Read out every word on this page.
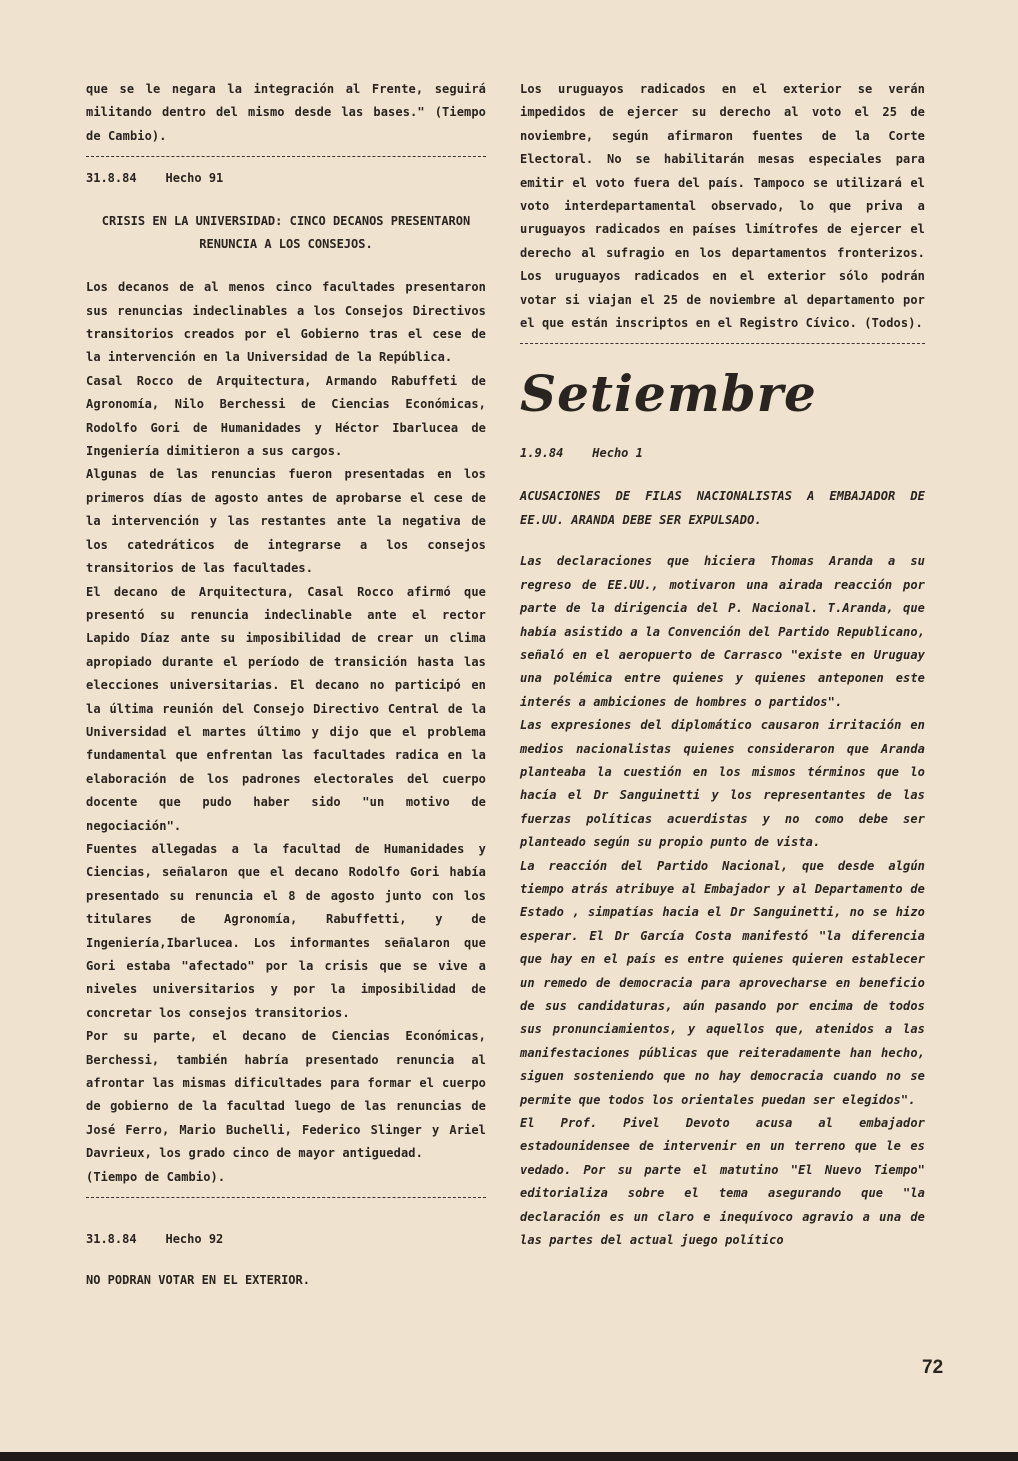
que se le negara la integración al Frente, seguirá militando dentro del mismo desde las bases." (Tiempo de Cambio).

31.8.84 Hecho 91

CRISIS EN LA UNIVERSIDAD: CINCO DECANOS PRESENTARON RENUNCIA A LOS CONSEJOS.

Los decanos de al menos cinco facultades presentaron sus renuncias indeclinables a los Consejos Directivos transitorios creados por el Gobierno tras el cese de la intervención en la Universidad de la República.

Casal Rocco de Arquitectura, Armando Rabuffeti de Agronomía, Nilo Berchessi de Ciencias Económicas, Rodolfo Gori de Humanidades y Héctor Ibarlucea de Ingeniería dimitieron a sus cargos.

Algunas de las renuncias fueron presentadas en los primeros días de agosto antes de aprobarse el cese de la intervención y las restantes ante la negativa de los catedráticos de integrarse a los consejos transitorios de las facultades.

El decano de Arquitectura, Casal Rocco afirmó que presentó su renuncia indeclinable ante el rector Lapido Díaz ante su imposibilidad de crear un clima apropiado durante el período de transición hasta las elecciones universitarias. El decano no participó en la última reunión del Consejo Directivo Central de la Universidad el martes último y dijo que el problema fundamental que enfrentan las facultades radica en la elaboración de los padrones electorales del cuerpo docente que pudo haber sido "un motivo de negociación".

Fuentes allegadas a la facultad de Humanidades y Ciencias, señalaron que el decano Rodolfo Gori había presentado su renuncia el 8 de agosto junto con los titulares de Agronomía, Rabuffetti, y de Ingeniería,Ibarlucea. Los informantes señalaron que Gori estaba "afectado" por la crisis que se vive a niveles universitarios y por la imposibilidad de concretar los consejos transitorios.

Por su parte, el decano de Ciencias Económicas, Berchessi, también habría presentado renuncia al afrontar las mismas dificultades para formar el cuerpo de gobierno de la facultad luego de las renuncias de José Ferro, Mario Buchelli, Federico Slinger y Ariel Davrieux, los grado cinco de mayor antiguedad.

(Tiempo de Cambio).

31.8.84 Hecho 92

NO PODRAN VOTAR EN EL EXTERIOR.

Los uruguayos radicados en el exterior se verán impedidos de ejercer su derecho al voto el 25 de noviembre, según afirmaron fuentes de la Corte Electoral. No se habilitarán mesas especiales para emitir el voto fuera del país. Tampoco se utilizará el voto interdepartamental observado, lo que priva a uruguayos radicados en países limítrofes de ejercer el derecho al sufragio en los departamentos fronterizos. Los uruguayos radicados en el exterior sólo podrán votar si viajan el 25 de noviembre al departamento por el que están inscriptos en el Registro Cívico. (Todos).

Setiembre

1.9.84 Hecho 1

ACUSACIONES DE FILAS NACIONALISTAS A EMBAJADOR DE EE.UU. ARANDA DEBE SER EXPULSADO.

Las declaraciones que hiciera Thomas Aranda a su regreso de EE.UU., motivaron una airada reacción por parte de la dirigencia del P. Nacional. T.Aranda, que había asistido a la Convención del Partido Republicano, señaló en el aeropuerto de Carrasco "existe en Uruguay una polémica entre quienes y quienes anteponen este interés a ambiciones de hombres o partidos".

Las expresiones del diplomático causaron irritación en medios nacionalistas quienes consideraron que Aranda planteaba la cuestión en los mismos términos que lo hacía el Dr Sanguinetti y los representantes de las fuerzas políticas acuerdistas y no como debe ser planteado según su propio punto de vista.

La reacción del Partido Nacional, que desde algún tiempo atrás atribuye al Embajador y al Departamento de Estado , simpatías hacia el Dr Sanguinetti, no se hizo esperar. El Dr García Costa manifestó "la diferencia que hay en el país es entre quienes quieren establecer un remedo de democracia para aprovecharse en beneficio de sus candidaturas, aún pasando por encima de todos sus pronunciamientos, y aquellos que, atenidos a las manifestaciones públicas que reiteradamente han hecho, siguen sosteniendo que no hay democracia cuando no se permite que todos los orientales puedan ser elegidos".

El Prof. Pivel Devoto acusa al embajador estadounidensee de intervenir en un terreno que le es vedado. Por su parte el matutino "El Nuevo Tiempo" editorializa sobre el tema asegurando que "la declaración es un claro e inequívoco agravio a una de las partes del actual juego político

72
